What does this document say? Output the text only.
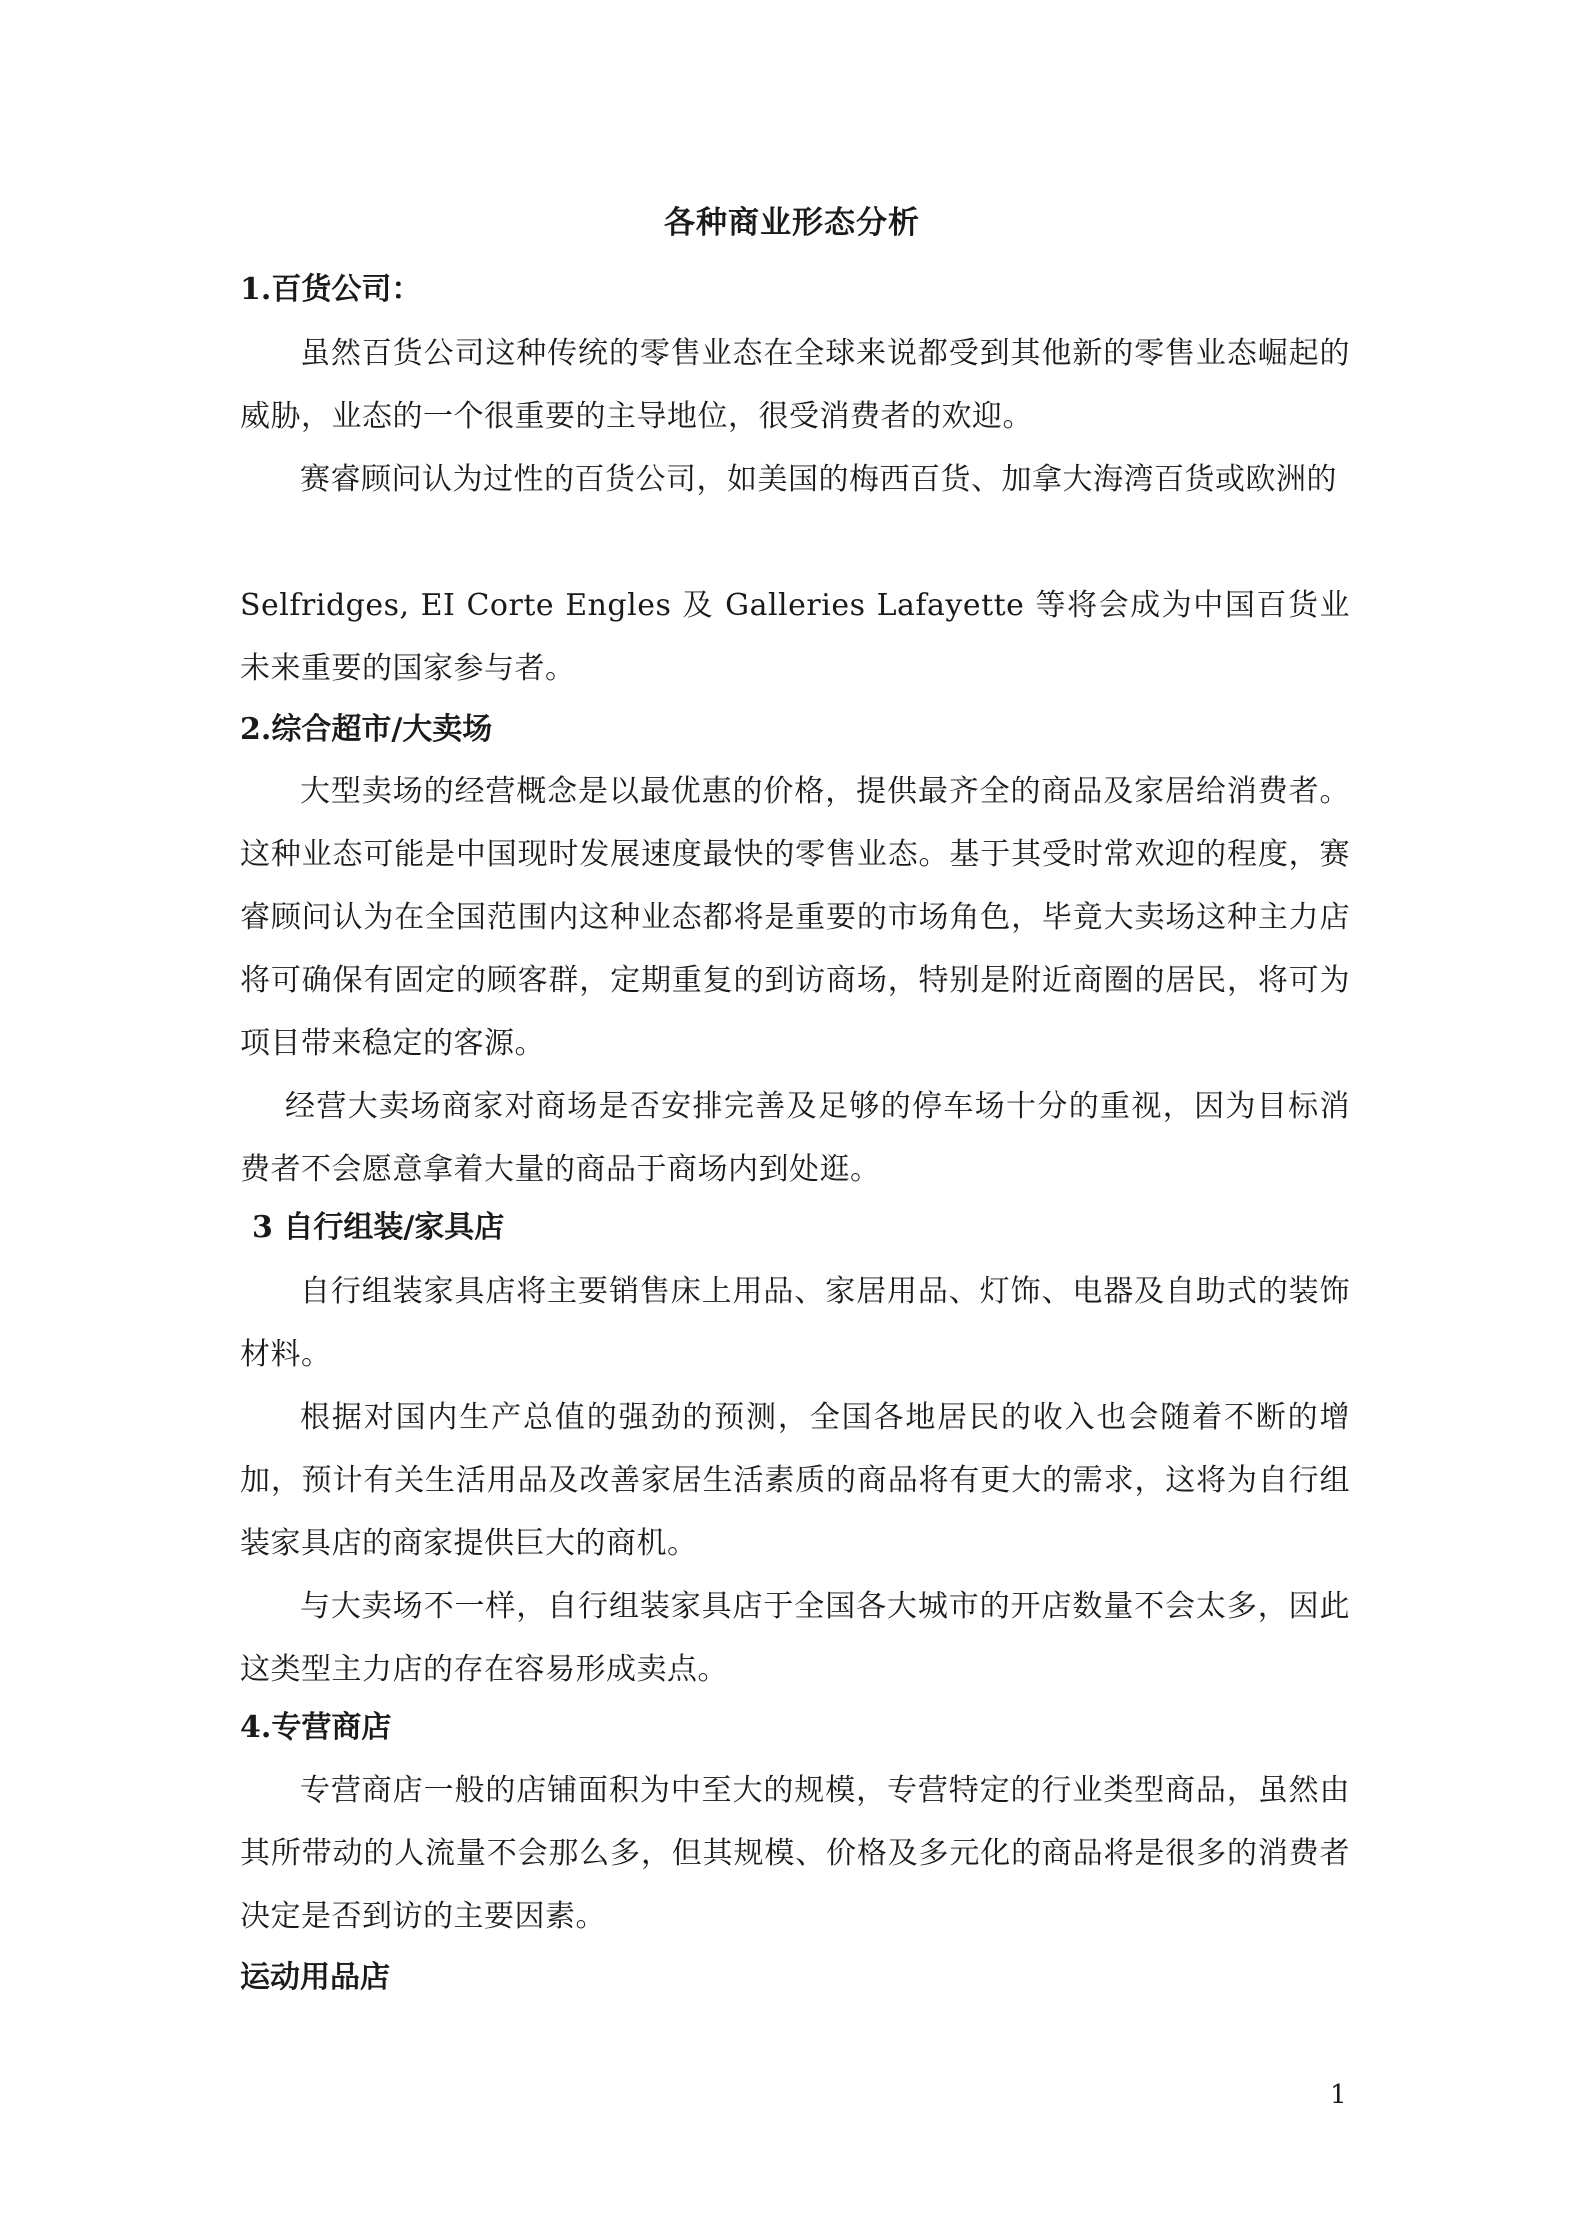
各种商业形态分析
1.百货公司：
虽然百货公司这种传统的零售业态在全球来说都受到其他新的零售业态崛起的威胁，业态的一个很重要的主导地位，很受消费者的欢迎。
赛睿顾问认为过性的百货公司，如美国的梅西百货、加拿大海湾百货或欧洲的
Selfridges, EI Corte Engles 及 Galleries Lafayette 等将会成为中国百货业未来重要的国家参与者。
2.综合超市/大卖场
大型卖场的经营概念是以最优惠的价格，提供最齐全的商品及家居给消费者。这种业态可能是中国现时发展速度最快的零售业态。基于其受时常欢迎的程度，赛睿顾问认为在全国范围内这种业态都将是重要的市场角色，毕竟大卖场这种主力店将可确保有固定的顾客群，定期重复的到访商场，特别是附近商圈的居民，将可为项目带来稳定的客源。
经营大卖场商家对商场是否安排完善及足够的停车场十分的重视，因为目标消费者不会愿意拿着大量的商品于商场内到处逛。
3 自行组装/家具店
自行组装家具店将主要销售床上用品、家居用品、灯饰、电器及自助式的装饰材料。
根据对国内生产总值的强劲的预测，全国各地居民的收入也会随着不断的增加，预计有关生活用品及改善家居生活素质的商品将有更大的需求，这将为自行组装家具店的商家提供巨大的商机。
与大卖场不一样，自行组装家具店于全国各大城市的开店数量不会太多，因此这类型主力店的存在容易形成卖点。
4.专营商店
专营商店一般的店铺面积为中至大的规模，专营特定的行业类型商品，虽然由其所带动的人流量不会那么多，但其规模、价格及多元化的商品将是很多的消费者决定是否到访的主要因素。
运动用品店
1
